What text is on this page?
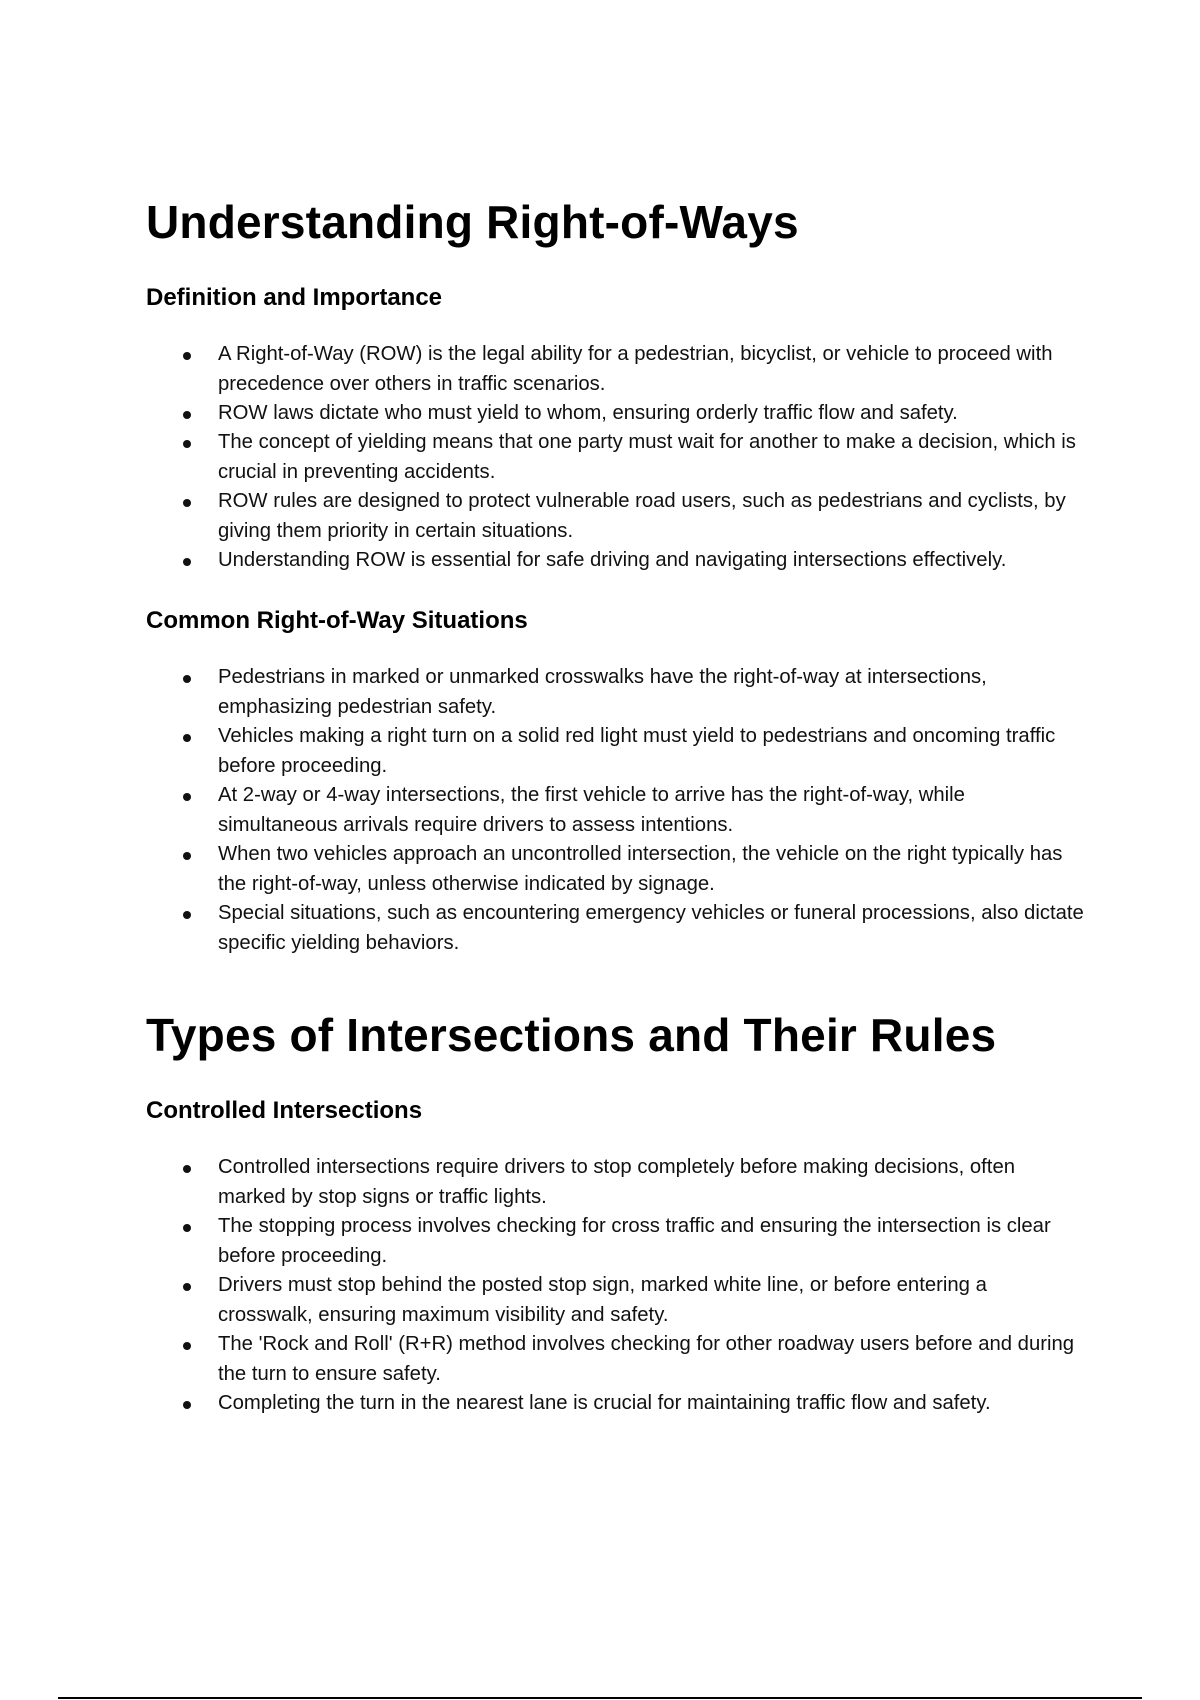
Understanding Right-of-Ways
Definition and Importance
A Right-of-Way (ROW) is the legal ability for a pedestrian, bicyclist, or vehicle to proceed with precedence over others in traffic scenarios.
ROW laws dictate who must yield to whom, ensuring orderly traffic flow and safety.
The concept of yielding means that one party must wait for another to make a decision, which is crucial in preventing accidents.
ROW rules are designed to protect vulnerable road users, such as pedestrians and cyclists, by giving them priority in certain situations.
Understanding ROW is essential for safe driving and navigating intersections effectively.
Common Right-of-Way Situations
Pedestrians in marked or unmarked crosswalks have the right-of-way at intersections, emphasizing pedestrian safety.
Vehicles making a right turn on a solid red light must yield to pedestrians and oncoming traffic before proceeding.
At 2-way or 4-way intersections, the first vehicle to arrive has the right-of-way, while simultaneous arrivals require drivers to assess intentions.
When two vehicles approach an uncontrolled intersection, the vehicle on the right typically has the right-of-way, unless otherwise indicated by signage.
Special situations, such as encountering emergency vehicles or funeral processions, also dictate specific yielding behaviors.
Types of Intersections and Their Rules
Controlled Intersections
Controlled intersections require drivers to stop completely before making decisions, often marked by stop signs or traffic lights.
The stopping process involves checking for cross traffic and ensuring the intersection is clear before proceeding.
Drivers must stop behind the posted stop sign, marked white line, or before entering a crosswalk, ensuring maximum visibility and safety.
The 'Rock and Roll' (R+R) method involves checking for other roadway users before and during the turn to ensure safety.
Completing the turn in the nearest lane is crucial for maintaining traffic flow and safety.
